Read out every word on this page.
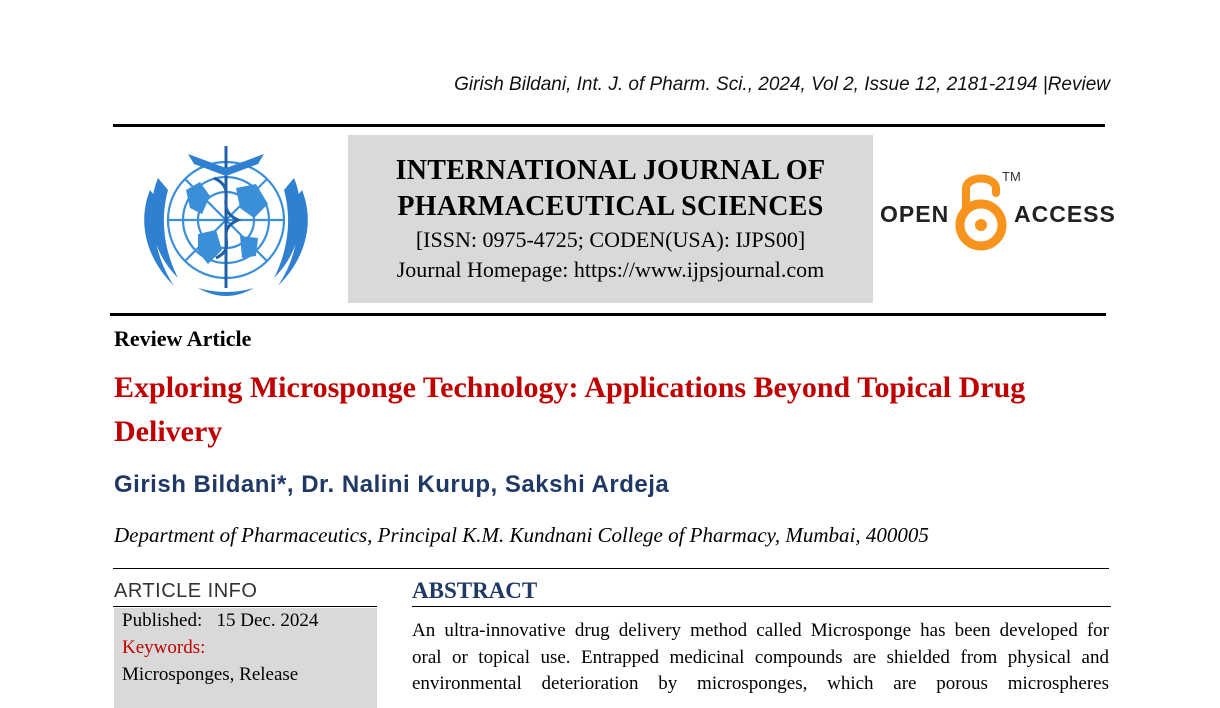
Girish Bildani, Int. J. of Pharm. Sci., 2024, Vol 2, Issue 12, 2181-2194 |Review
INTERNATIONAL JOURNAL OF
PHARMACEUTICAL SCIENCES
[ISSN: 0975-4725; CODEN(USA): IJPS00]
Journal Homepage: https://www.ijpsjournal.com
OPEN
TM
ACCESS
Review Article
Exploring Microsponge Technology: Applications Beyond Topical Drug Delivery
Girish Bildani*, Dr. Nalini Kurup, Sakshi Ardeja
Department of Pharmaceutics, Principal K.M. Kundnani College of Pharmacy, Mumbai, 400005
ARTICLE INFO
Published: 15 Dec. 2024
Keywords:
Microsponges, Release
ABSTRACT
An ultra-innovative drug delivery method called Microsponge has been developed for
oral or topical use. Entrapped medicinal compounds are shielded from physical and
environmental deterioration by microsponges, which are porous microspheres
